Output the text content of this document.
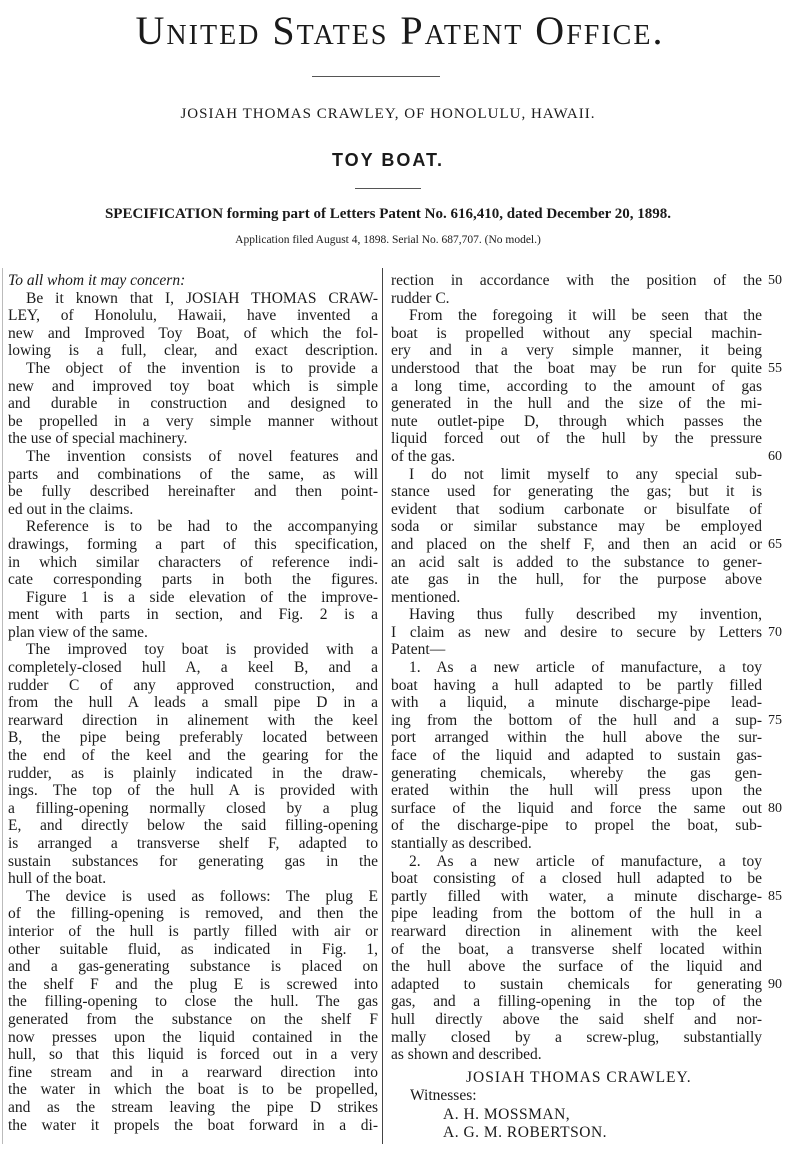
United States Patent Office.
JOSIAH THOMAS CRAWLEY, OF HONOLULU, HAWAII.
TOY BOAT.
SPECIFICATION forming part of Letters Patent No. 616,410, dated December 20, 1898.
Application filed August 4, 1898. Serial No. 687,707. (No model.)
To all whom it may concern:
Be it known that I, JOSIAH THOMAS CRAW-
LEY, of Honolulu, Hawaii, have invented a
new and Improved Toy Boat, of which the fol-
lowing is a full, clear, and exact description.
The object of the invention is to provide a
new and improved toy boat which is simple
and durable in construction and designed to
be propelled in a very simple manner without
the use of special machinery.
The invention consists of novel features and
parts and combinations of the same, as will
be fully described hereinafter and then point-
ed out in the claims.
Reference is to be had to the accompanying
drawings, forming a part of this specification,
in which similar characters of reference indi-
cate corresponding parts in both the figures.
Figure 1 is a side elevation of the improve-
ment with parts in section, and Fig. 2 is a
plan view of the same.
The improved toy boat is provided with a
completely-closed hull A, a keel B, and a
rudder C of any approved construction, and
from the hull A leads a small pipe D in a
rearward direction in alinement with the keel
B, the pipe being preferably located between
the end of the keel and the gearing for the
rudder, as is plainly indicated in the draw-
ings. The top of the hull A is provided with
a filling-opening normally closed by a plug
E, and directly below the said filling-opening
is arranged a transverse shelf F, adapted to
sustain substances for generating gas in the
hull of the boat.
The device is used as follows: The plug E
of the filling-opening is removed, and then the
interior of the hull is partly filled with air or
other suitable fluid, as indicated in Fig. 1,
and a gas-generating substance is placed on
the shelf F and the plug E is screwed into
the filling-opening to close the hull. The gas
generated from the substance on the shelf F
now presses upon the liquid contained in the
hull, so that this liquid is forced out in a very
fine stream and in a rearward direction into
the water in which the boat is to be propelled,
and as the stream leaving the pipe D strikes
the water it propels the boat forward in a di-
rection in accordance with the position of the
rudder C.
From the foregoing it will be seen that the
boat is propelled without any special machin-
ery and in a very simple manner, it being
understood that the boat may be run for quite
a long time, according to the amount of gas
generated in the hull and the size of the mi-
nute outlet-pipe D, through which passes the
liquid forced out of the hull by the pressure
of the gas.
I do not limit myself to any special sub-
stance used for generating the gas; but it is
evident that sodium carbonate or bisulfate of
soda or similar substance may be employed
and placed on the shelf F, and then an acid or
an acid salt is added to the substance to gener-
ate gas in the hull, for the purpose above
mentioned.
Having thus fully described my invention,
I claim as new and desire to secure by Letters
Patent—
1. As a new article of manufacture, a toy
boat having a hull adapted to be partly filled
with a liquid, a minute discharge-pipe lead-
ing from the bottom of the hull and a sup-
port arranged within the hull above the sur-
face of the liquid and adapted to sustain gas-
generating chemicals, whereby the gas gen-
erated within the hull will press upon the
surface of the liquid and force the same out
of the discharge-pipe to propel the boat, sub-
stantially as described.
2. As a new article of manufacture, a toy
boat consisting of a closed hull adapted to be
partly filled with water, a minute discharge-
pipe leading from the bottom of the hull in a
rearward direction in alinement with the keel
of the boat, a transverse shelf located within
the hull above the surface of the liquid and
adapted to sustain chemicals for generating
gas, and a filling-opening in the top of the
hull directly above the said shelf and nor-
mally closed by a screw-plug, substantially
as shown and described.
JOSIAH THOMAS CRAWLEY.
Witnesses:
A. H. MOSSMAN,
A. G. M. ROBERTSON.
50
55
60
65
70
75
80
85
90
